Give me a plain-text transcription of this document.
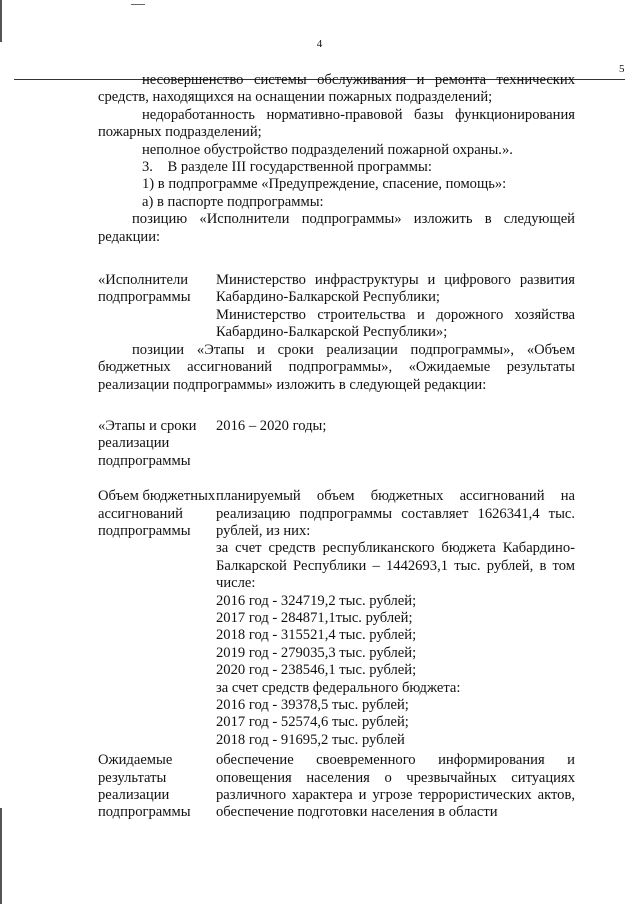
4
5

несовершенство системы обслуживания и ремонта технических средств, находящихся на оснащении пожарных подразделений;

недоработанность нормативно-правовой базы функционирования пожарных подразделений;

неполное обустройство подразделений пожарной охраны.».

3.    В разделе III государственной программы:

1) в подпрограмме «Предупреждение, спасение, помощь»:

а) в паспорте подпрограммы:

позицию «Исполнители подпрограммы» изложить в следующей редакции:

«Исполнители подпрограммы

Министерство инфраструктуры и цифрового развития Кабардино-Балкарской Республики;

Министерство строительства и дорожного хозяйства Кабардино-Балкарской Республики»;

позиции «Этапы и сроки реализации подпрограммы», «Объем бюджетных ассигнований подпрограммы», «Ожидаемые результаты реализации подпрограммы» изложить в следующей редакции:

«Этапы и сроки реализации подпрограммы
2016 – 2020 годы;
Объем бюджетных ассигнований подпрограммы

планируемый объем бюджетных ассигнований на реализацию подпрограммы составляет 1626341,4 тыс. рублей, из них:

за счет средств республиканского бюджета Кабардино-Балкарской Республики – 1442693,1 тыс. рублей, в том числе:

2016 год - 324719,2 тыс. рублей;

2017 год - 284871,1тыс. рублей;

2018 год - 315521,4 тыс. рублей;

2019 год - 279035,3 тыс. рублей;

2020 год - 238546,1 тыс. рублей;

за счет средств федерального бюджета:

2016 год - 39378,5 тыс. рублей;

2017 год - 52574,6 тыс. рублей;

2018 год - 91695,2 тыс. рублей

Ожидаемые результаты реализации подпрограммы
обеспечение своевременного информирования и оповещения населения о чрезвычайных ситуациях различного характера и угрозе террористических актов, обеспечение подготовки населения в области
